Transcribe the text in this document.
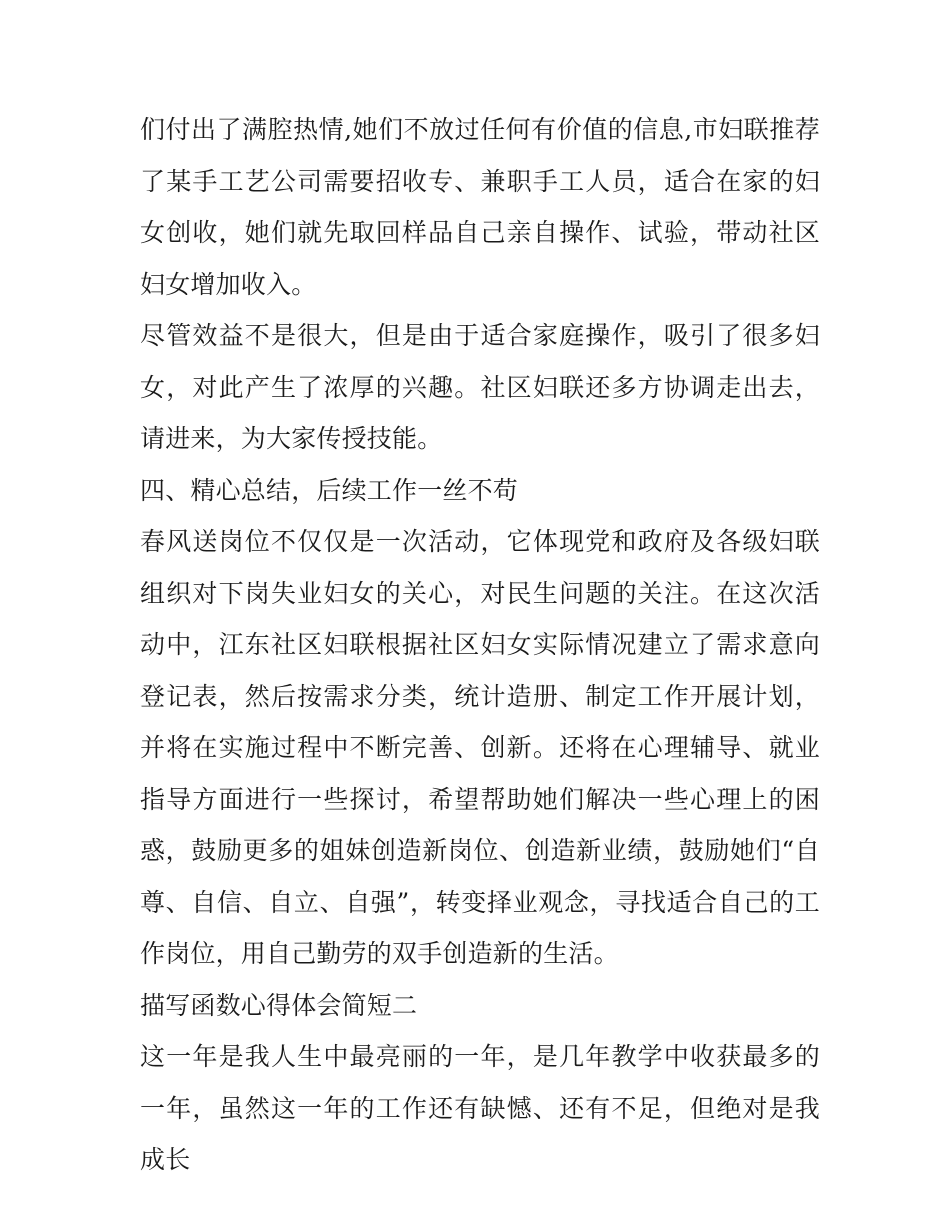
们付出了满腔热情,她们不放过任何有价值的信息,市妇联推荐了某手工艺公司需要招收专、兼职手工人员，适合在家的妇女创收，她们就先取回样品自己亲自操作、试验，带动社区妇女增加收入。

尽管效益不是很大，但是由于适合家庭操作，吸引了很多妇女，对此产生了浓厚的兴趣。社区妇联还多方协调走出去，请进来，为大家传授技能。

四、精心总结，后续工作一丝不苟

春风送岗位不仅仅是一次活动，它体现党和政府及各级妇联组织对下岗失业妇女的关心，对民生问题的关注。在这次活动中，江东社区妇联根据社区妇女实际情况建立了需求意向登记表，然后按需求分类，统计造册、制定工作开展计划，并将在实施过程中不断完善、创新。还将在心理辅导、就业指导方面进行一些探讨，希望帮助她们解决一些心理上的困惑，鼓励更多的姐妹创造新岗位、创造新业绩，鼓励她们“自尊、自信、自立、自强”，转变择业观念，寻找适合自己的工作岗位，用自己勤劳的双手创造新的生活。

描写函数心得体会简短二

这一年是我人生中最亮丽的一年，是几年教学中收获最多的一年，虽然这一年的工作还有缺憾、还有不足，但绝对是我成长
